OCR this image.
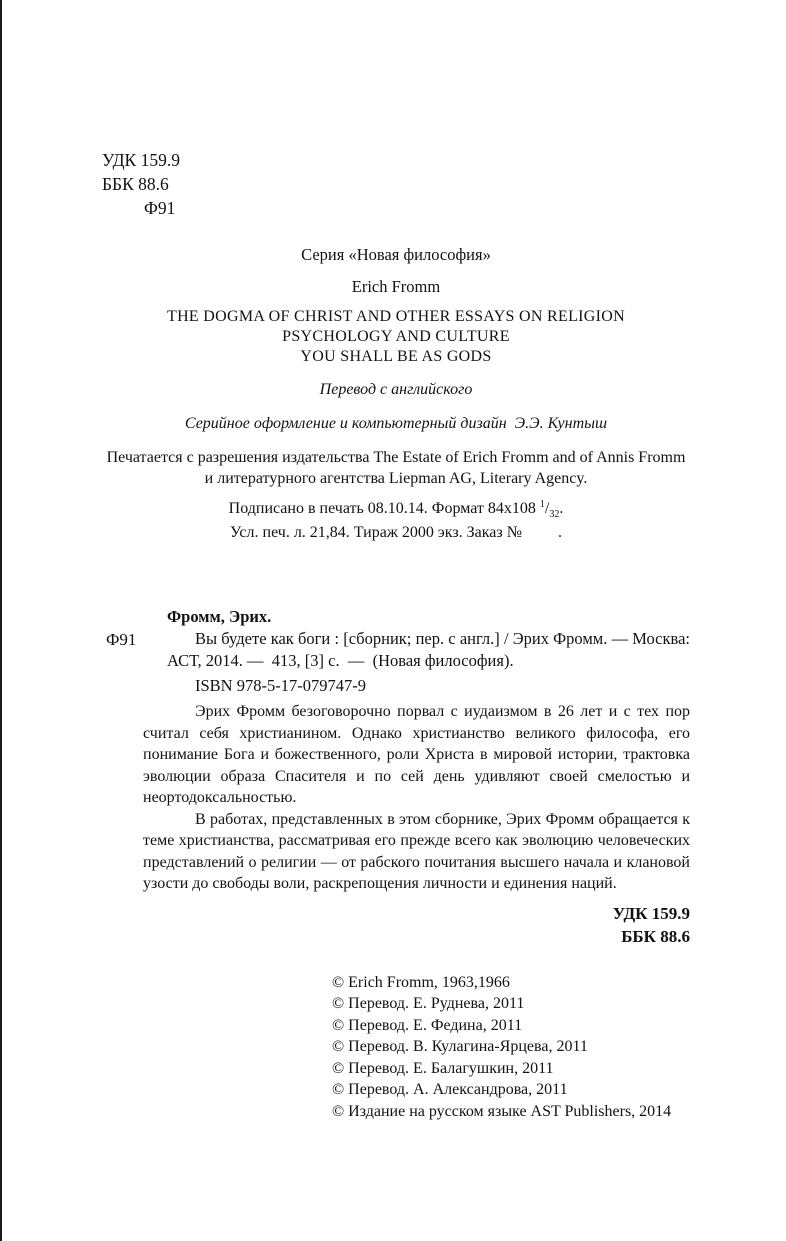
УДК 159.9
ББК 88.6
Ф91
Серия «Новая философия»
Erich Fromm
THE DOGMA OF CHRIST AND OTHER ESSAYS ON RELIGION
PSYCHOLOGY AND CULTURE
YOU SHALL BE AS GODS
Перевод с английского
Серийное оформление и компьютерный дизайн  Э.Э. Кунтыш
Печатается с разрешения издательства The Estate of Erich Fromm and of Annis Fromm и литературного агентства Liepman AG, Literary Agency.
Подписано в печать 08.10.14. Формат 84х108 $^1/_{32}$.
Усл. печ. л. 21,84. Тираж 2000 экз. Заказ №         .
Фромм, Эрих.
Ф91	Вы будете как боги : [сборник; пер. с англ.] / Эрих Фромм. — Москва: АСТ, 2014. —  413, [3] с.  —  (Новая философия).
ISBN 978-5-17-079747-9

Эрих Фромм безоговорочно порвал с иудаизмом в 26 лет и с тех пор считал себя христианином. Однако христианство великого философа, его понимание Бога и божественного, роли Христа в мировой истории, трактовка эволюции образа Спасителя и по сей день удивляют своей смелостью и неортодоксальностью.

В работах, представленных в этом сборнике, Эрих Фромм обращается к теме христианства, рассматривая его прежде всего как эволюцию человеческих представлений о религии — от рабского почитания высшего начала и клановой узости до свободы воли, раскрепощения личности и единения наций.

УДК 159.9
ББК 88.6
© Erich Fromm, 1963,1966
© Перевод. Е. Руднева, 2011
© Перевод. Е. Федина, 2011
© Перевод. В. Кулагина-Ярцева, 2011
© Перевод. Е. Балагушкин, 2011
© Перевод. А. Александрова, 2011
© Издание на русском языке AST Publishers, 2014
